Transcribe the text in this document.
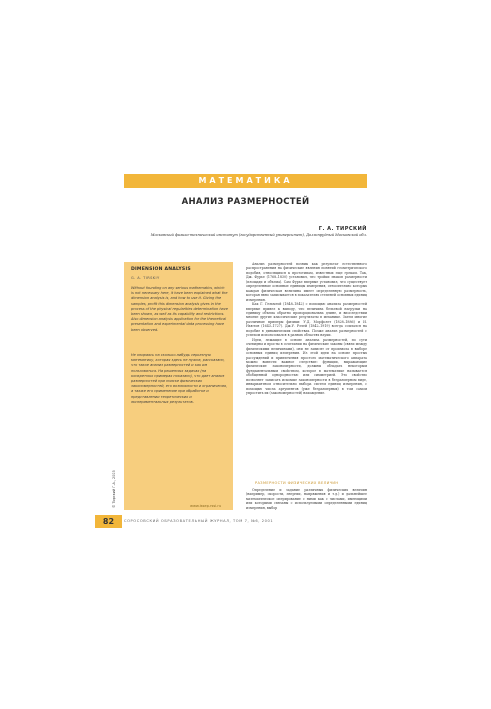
МАТЕМАТИКА
АНАЛИЗ РАЗМЕРНОСТЕЙ
Г. А. ТИРСКИЙ
Московский физико-технический институт (государственный университет), Долгопрудный Московской обл.
DIMENSION ANALYSIS
G. A. TIRSKIY

Without founding on any serious mathematics, which is not necessary here, it have been explained what the dimension analysis is, and how to use it. Giving the samples, profit this dimension analysis gives in the process of the physical regularities determination have been shown, as well as its capability and restrictions. Also dimension analysis application for the theoretical presentation and experimental data processing have been observed.

Не опираясь на сколько-нибудь серьезную математику, которая здесь не нужна, рассказано, что такое анализ размерностей и как им пользоваться. На решенных задачах (на конкретных примерах показано), что дает анализ размерностей при поиске физических закономерностей, его возможности и ограничения, а также его применение при обработке и представлении теоретических и экспериментальных результатов.

www.issep.rssi.ru
© Тирский Г.А., 2003

Анализ размерностей возник как результат естественного распространения на физические явления понятий геометрического подобия, относящихся к прототипам, известных еще грекам. Так, Дж. Фурье (1768–1830) установил, что тройки знаков размерности (площади и объема). Сам Фурье впервые установил, что существует определенные основные единицы измерения, относительно которых каждая физическая величина имеет определенную размерность, которая явно записывается в показателях степеней основных единиц измерения.

Как Г. Гельмгой (1848–1842) с помощью анализа размерностей впервые привел к выводу, что величина бельевой нагрузки на единицу объема обратно пропорциональна длине, и впоследствии многие другие классические результаты в механике. Затем многие различные примеры физики: У.Д. Морфолет (1828–1886) и И. Ньютон (1643–1727). Дж.У. Рэлей (1842–1919) всегда ссылался на подобие в динамических свойствах. Позже анализ размерностей с успехом использовался в разных областях науки.

Идеи, лежащие в основе анализа размерностей, по сути очевидны и просты в сочетании на физические законы (связи между физическими величинами), они не зависят от произвола в выборе основных единиц измерения. Из этой идеи на основе простых рассуждений и привлечения простого математического аппарата можно вывести важное следствие: функции, выражающие физические закономерности, должны обладать некоторым фундаментальным свойством, которое в математике называется обобщенной однородностью или симметрией. Это свойство позволяет записать искомые закономерности в безразмерном виде, инвариантном относительно выбора систем единиц измерения, с помощью числа аргументов (уже безразмерных) в том самом упростить их (закономерностей) нахождение.

РАЗМЕРНОСТИ ФИЗИЧЕСКИХ ВЕЛИЧИН

Определение и задание различных физических величин (например, скорости, энергии, напряжения и т.д.) и дальнейшее математическое оперирование с ними как с числами, имеющими или которыми связаны с используемыми определенными единиц измерения, выбор

82	СОРОСОВСКИЙ ОБРАЗОВАТЕЛЬНЫЙ ЖУРНАЛ, ТОМ 7, №6, 2001
